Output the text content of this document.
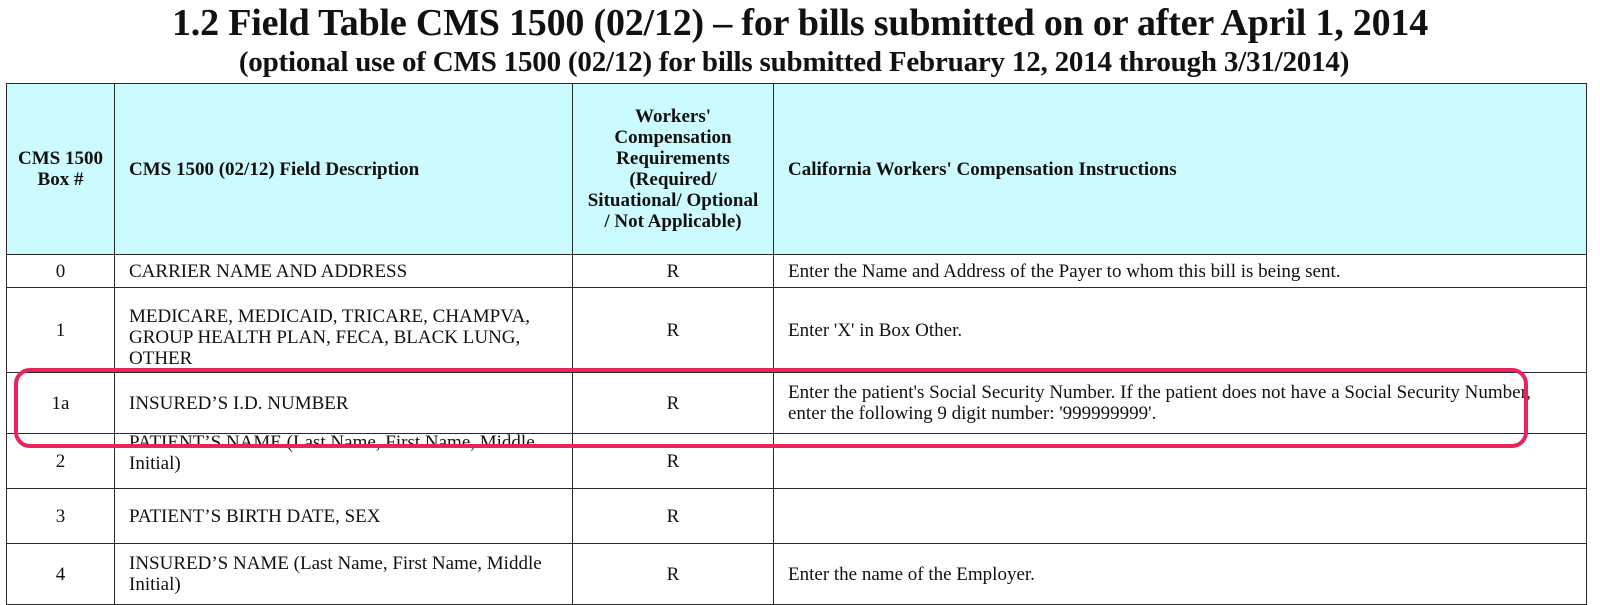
1.2 Field Table CMS 1500 (02/12) – for bills submitted on or after April 1, 2014
(optional use of CMS 1500 (02/12) for bills submitted February 12, 2014 through 3/31/2014)
CMS 1500 Box #	CMS 1500 (02/12) Field Description	Workers' Compensation Requirements (Required/ Situational/ Optional / Not Applicable)	California Workers' Compensation Instructions
0	CARRIER NAME AND ADDRESS	R	Enter the Name and Address of the Payer to whom this bill is being sent.
1	MEDICARE, MEDICAID, TRICARE, CHAMPVA, GROUP HEALTH PLAN, FECA, BLACK LUNG, OTHER	R	Enter 'X' in Box Other.
1a	INSURED’S I.D. NUMBER	R	Enter the patient's Social Security Number. If the patient does not have a Social Security Number, enter the following 9 digit number: '999999999'.
2	PATIENT’S NAME (Last Name, First Name, Middle Initial)	R	
3	PATIENT’S BIRTH DATE, SEX	R	
4	INSURED’S NAME (Last Name, First Name, Middle Initial)	R	Enter the name of the Employer.
